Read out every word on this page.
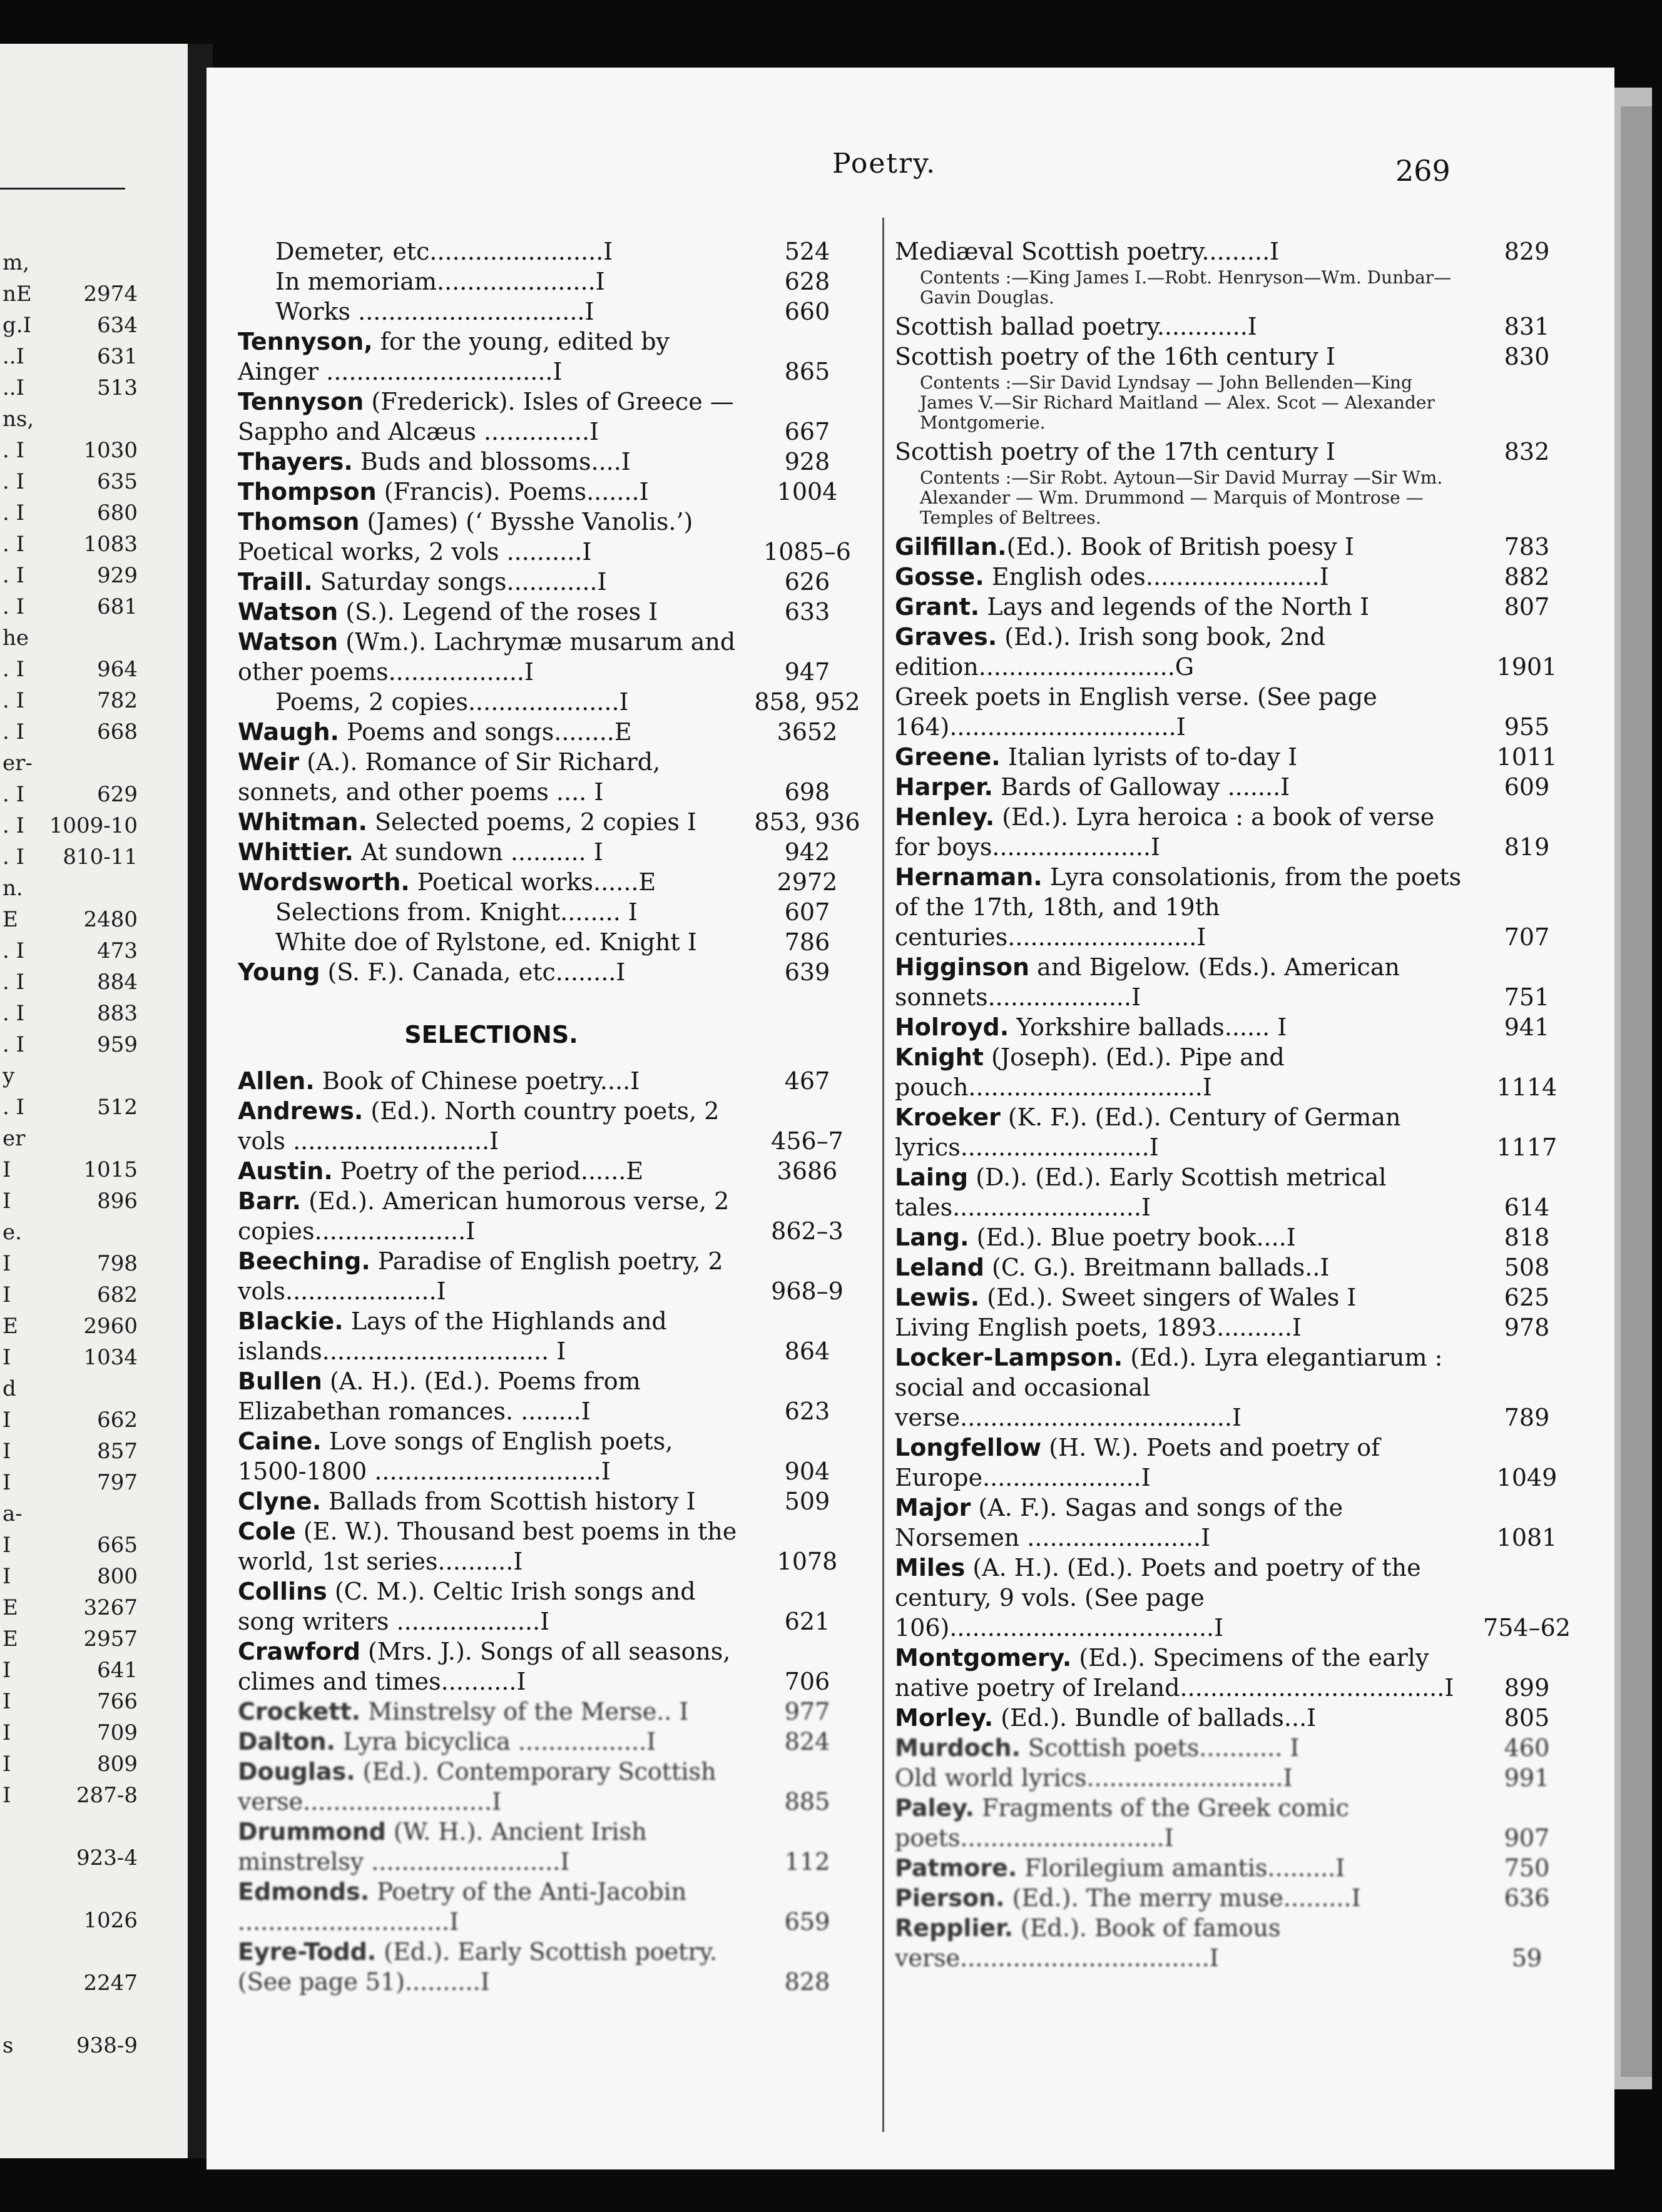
m,
nE 2974
g.I	634
..I	631
..I	513
ns,
. I	1030
. I	635
. I	680
. I	1083
. I	929
. I	681
he
. I	964
. I	782
. I	668
er-
. I	629
. I 1009-10
. I 810-11
n.
E	2480
. I	473
. I	884
. I	883
. I	959
y
. I	512
er
I	1015
I	896
e.
I	798
I	682
E	2960
I	1034
d
I	662
I	857
I	797
a-
I	665
I	800
E	3267
E	2957
I	641
I	766
I	709
I	809
I	287-8
923-4
1026
2247
s	938-9
Poetry.	269
Demeter, etc.......................I	524
In memoriam.....................I	628
Works ..............................I	660
Tennyson, for the young, edited by Ainger ..............................I	865
Tennyson (Frederick). Isles of Greece —Sappho and Alcæus ..............I	667
Thayers. Buds and blossoms....I	928
Thompson (Francis). Poems.......I	1004
Thomson (James) (‘ Bysshe Vanolis.’) Poetical works, 2 vols ..........I	1085–6
Traill. Saturday songs............I	626
Watson (S.). Legend of the roses I	633
Watson (Wm.). Lachrymæ musarum and other poems..................I	947
Poems, 2 copies....................I	858, 952
Waugh. Poems and songs........E	3652
Weir (A.). Romance of Sir Richard, sonnets, and other poems .... I	698
Whitman. Selected poems, 2 copies I	853, 936
Whittier. At sundown .......... I	942
Wordsworth. Poetical works......E	2972
Selections from. Knight........ I	607
White doe of Rylstone, ed. Knight I	786
Young (S. F.). Canada, etc........I	639
SELECTIONS.
Allen. Book of Chinese poetry....I	467
Andrews. (Ed.). North country poets, 2 vols ..........................I	456–7
Austin. Poetry of the period......E	3686
Barr. (Ed.). American humorous verse, 2 copies....................I	862–3
Beeching. Paradise of English poetry, 2 vols....................I	968–9
Blackie. Lays of the Highlands and islands.............................. I	864
Bullen (A. H.). (Ed.). Poems from Elizabethan romances. ........I	623
Caine. Love songs of English poets, 1500-1800 ..............................I	904
Clyne. Ballads from Scottish history I	509
Cole (E. W.). Thousand best poems in the world, 1st series..........I	1078
Collins (C. M.). Celtic Irish songs and song writers ...................I	621
Crawford (Mrs. J.). Songs of all seasons, climes and times..........I	706
Crockett. Minstrelsy of the Merse.. I	977
Dalton. Lyra bicyclica .................I	824
Douglas. (Ed.). Contemporary Scottish verse.........................I	885
Drummond (W. H.). Ancient Irish minstrelsy .........................I	112
Edmonds. Poetry of the Anti-Jacobin ............................I	659
Eyre-Todd. (Ed.). Early Scottish poetry. (See page 51)..........I	828
Mediæval Scottish poetry.........I	829
Contents :—King James I.—Robt. Henryson—Wm. Dunbar—Gavin Douglas.
Scottish ballad poetry............I	831
Scottish poetry of the 16th century I	830
Contents :—Sir David Lyndsay — John Bellenden—King James V.—Sir Richard Maitland — Alex. Scot — Alexander Montgomerie.
Scottish poetry of the 17th century I	832
Contents :—Sir Robt. Aytoun—Sir David Murray —Sir Wm. Alexander — Wm. Drummond — Marquis of Montrose — Temples of Beltrees.
Gilfillan.(Ed.). Book of British poesy I	783
Gosse. English odes.......................I	882
Grant. Lays and legends of the North I	807
Graves. (Ed.). Irish song book, 2nd edition..........................G	1901
Greek poets in English verse. (See page 164)..............................I	955
Greene. Italian lyrists of to-day I	1011
Harper. Bards of Galloway .......I	609
Henley. (Ed.). Lyra heroica : a book of verse for boys.....................I	819
Hernaman. Lyra consolationis, from the poets of the 17th, 18th, and 19th centuries.........................I	707
Higginson and Bigelow. (Eds.). American sonnets...................I	751
Holroyd. Yorkshire ballads...... I	941
Knight (Joseph). (Ed.). Pipe and pouch...............................I	1114
Kroeker (K. F.). (Ed.). Century of German lyrics.........................I	1117
Laing (D.). (Ed.). Early Scottish metrical tales.........................I	614
Lang. (Ed.). Blue poetry book....I	818
Leland (C. G.). Breitmann ballads..I	508
Lewis. (Ed.). Sweet singers of Wales I	625
Living English poets, 1893..........I	978
Locker-Lampson. (Ed.). Lyra elegantiarum : social and occasional verse....................................I	789
Longfellow (H. W.). Poets and poetry of Europe.....................I	1049
Major (A. F.). Sagas and songs of the Norsemen .......................I	1081
Miles (A. H.). (Ed.). Poets and poetry of the century, 9 vols. (See page 106)...................................I	754–62
Montgomery. (Ed.). Specimens of the early native poetry of Ireland...................................I	899
Morley. (Ed.). Bundle of ballads...I	805
Murdoch. Scottish poets........... I	460
Old world lyrics..........................I	991
Paley. Fragments of the Greek comic poets...........................I	907
Patmore. Florilegium amantis.........I	750
Pierson. (Ed.). The merry muse.........I	636
Repplier. (Ed.). Book of famous verse.................................I	59
